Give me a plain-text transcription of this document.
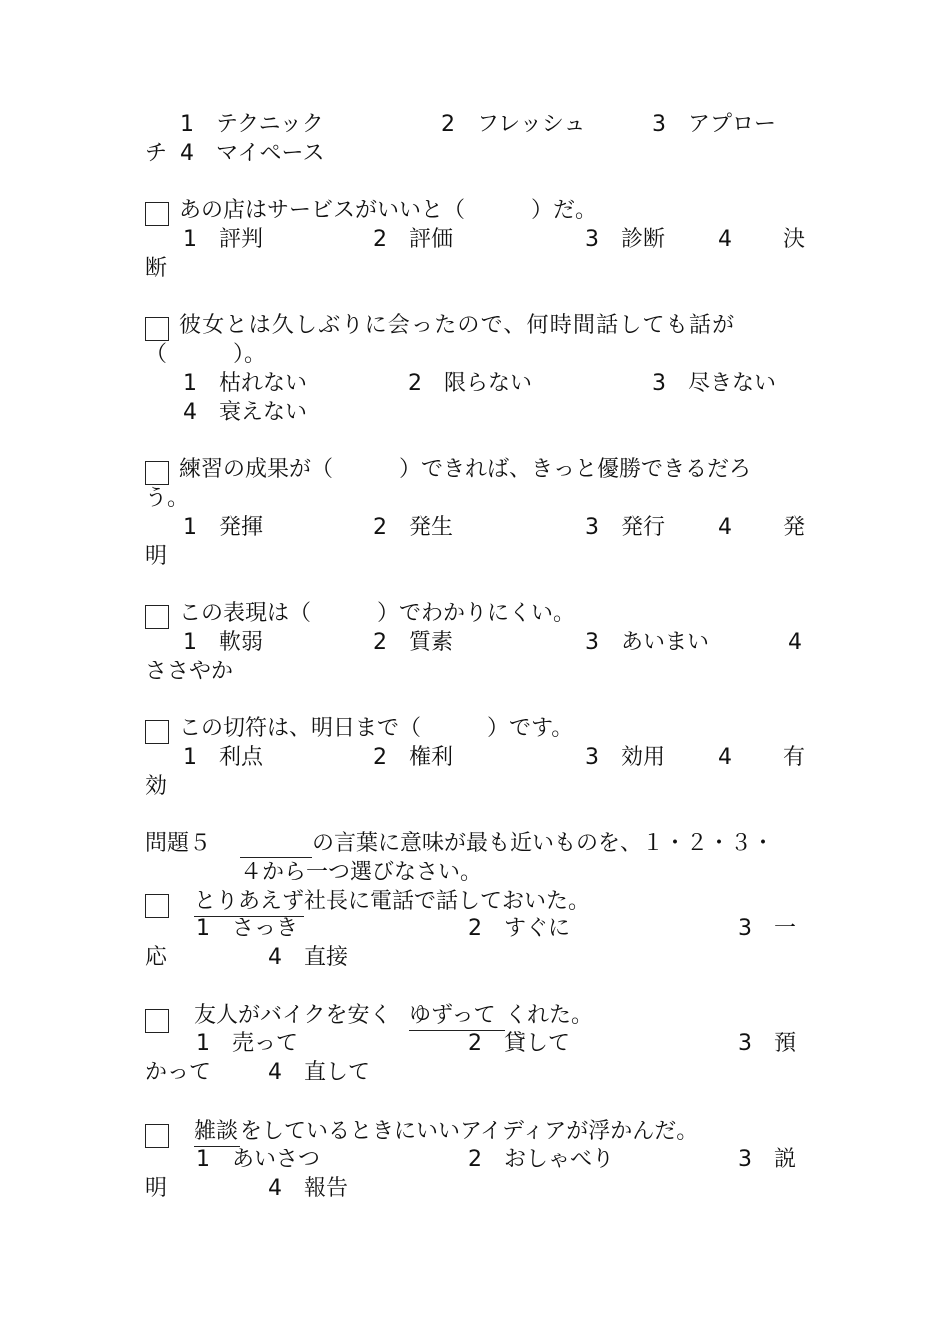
1　テクニック	2　フレッシュ	3　アプロー
チ 4　マイペース
あの店はサービスがいいと（　　　）だ。
1　評判	2　評価	3　診断 4 決
断
彼女とは久しぶりに会ったので、何時間話しても話が
（　　　）。
1　枯れない	2　限らない	3　尽きない
4　衰えない
練習の成果が（　　　）できれば、きっと優勝できるだろ
う。
1　発揮	2　発生	3　発行 4 発
明
この表現は（　　　）でわかりにくい。
1　軟弱	2　質素	3　あいまい	4
ささやか
この切符は、明日まで（　　　）です。
1　利点	2　権利	3　効用 4 有
効
問題５	の言葉に意味が最も近いものを、１・２・３・
４から一つ選びなさい。
とりあえず 社長に電話で話しておいた。
1　さっき	2　すぐに	3　一
応	4　直接
友人がバイクを安く ゆずって くれた。
1　売って	2　貸して	3　預
かって	4　直して
雑談 をしているときにいいアイディアが浮かんだ。
1　あいさつ	2　おしゃべり	3　説
明	4　報告
